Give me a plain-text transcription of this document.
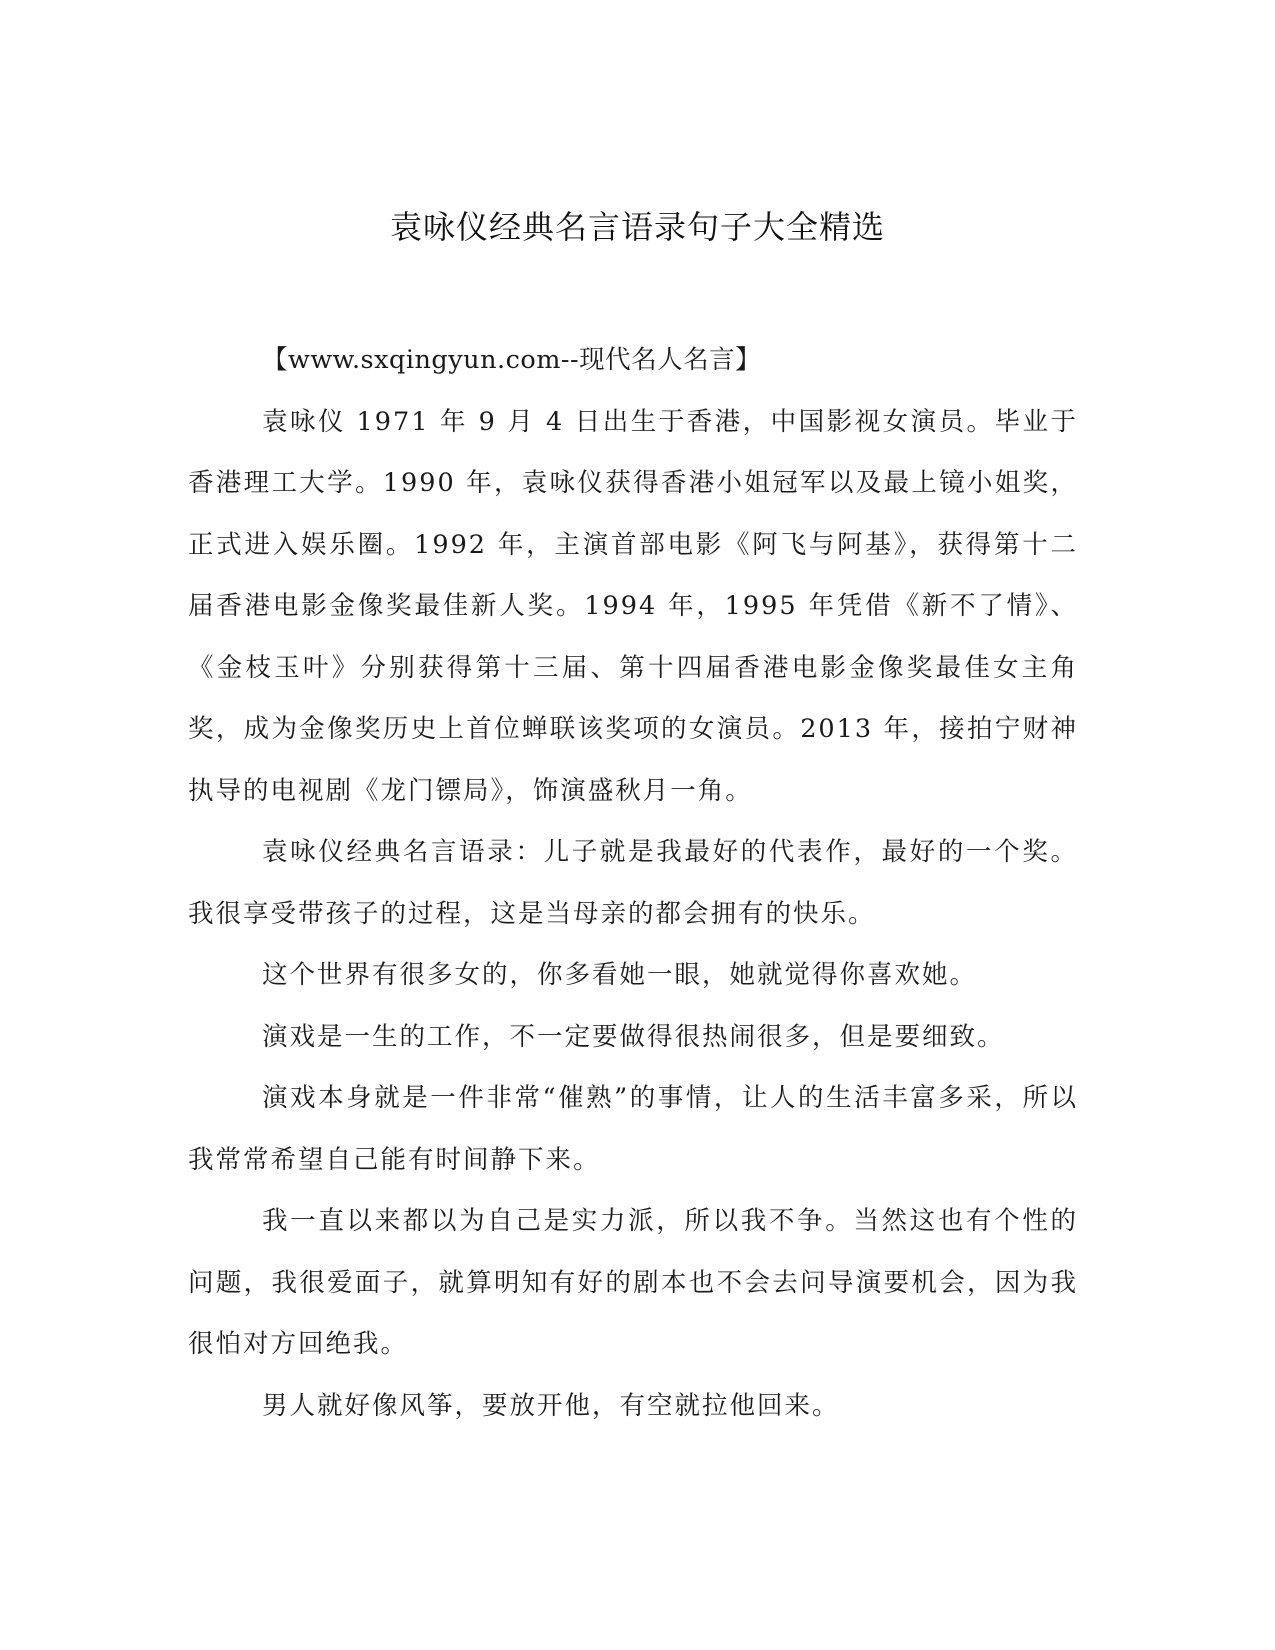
袁咏仪经典名言语录句子大全精选

【www.sxqingyun.com--现代名人名言】

袁咏仪 1971 年 9 月 4 日出生于香港，中国影视女演员。毕业于香港理工大学。1990 年，袁咏仪获得香港小姐冠军以及最上镜小姐奖，正式进入娱乐圈。1992 年，主演首部电影《阿飞与阿基》，获得第十二届香港电影金像奖最佳新人奖。1994 年，1995 年凭借《新不了情》、《金枝玉叶》分别获得第十三届、第十四届香港电影金像奖最佳女主角奖，成为金像奖历史上首位蝉联该奖项的女演员。2013 年，接拍宁财神执导的电视剧《龙门镖局》，饰演盛秋月一角。

袁咏仪经典名言语录：儿子就是我最好的代表作，最好的一个奖。我很享受带孩子的过程，这是当母亲的都会拥有的快乐。

这个世界有很多女的，你多看她一眼，她就觉得你喜欢她。

演戏是一生的工作，不一定要做得很热闹很多，但是要细致。

演戏本身就是一件非常“催熟”的事情，让人的生活丰富多采，所以我常常希望自己能有时间静下来。

我一直以来都以为自己是实力派，所以我不争。当然这也有个性的问题，我很爱面子，就算明知有好的剧本也不会去问导演要机会，因为我很怕对方回绝我。

男人就好像风筝，要放开他，有空就拉他回来。
